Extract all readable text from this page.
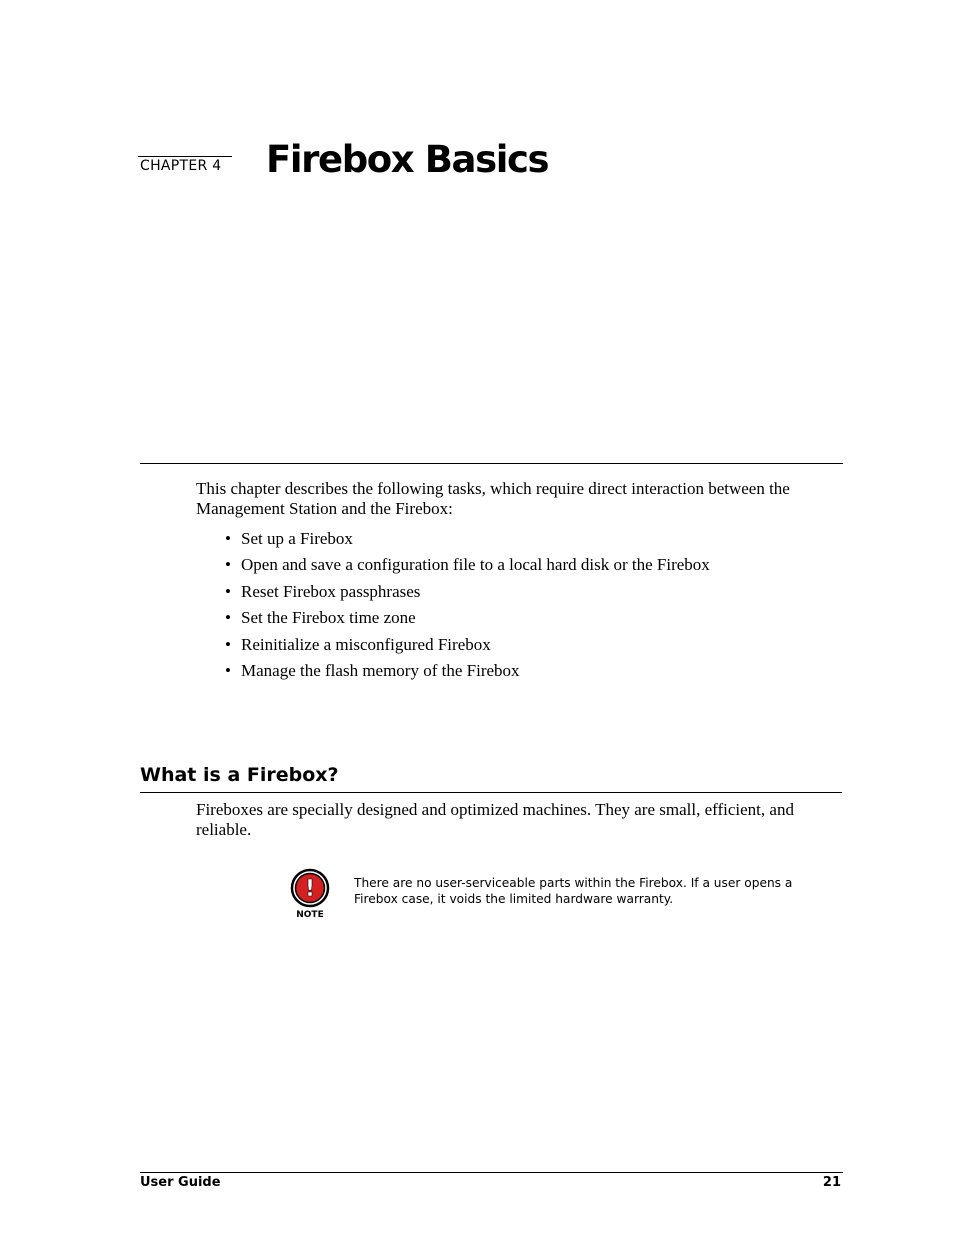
CHAPTER 4 Firebox Basics

This chapter describes the following tasks, which require direct interaction between the Management Station and the Firebox:

• Set up a Firebox
• Open and save a configuration file to a local hard disk or the Firebox
• Reset Firebox passphrases
• Set the Firebox time zone
• Reinitialize a misconfigured Firebox
• Manage the flash memory of the Firebox
What is a Firebox?

Fireboxes are specially designed and optimized machines. They are small, efficient, and reliable.

!
NOTE

There are no user-serviceable parts within the Firebox. If a user opens a Firebox case, it voids the limited hardware warranty.

User Guide	21
